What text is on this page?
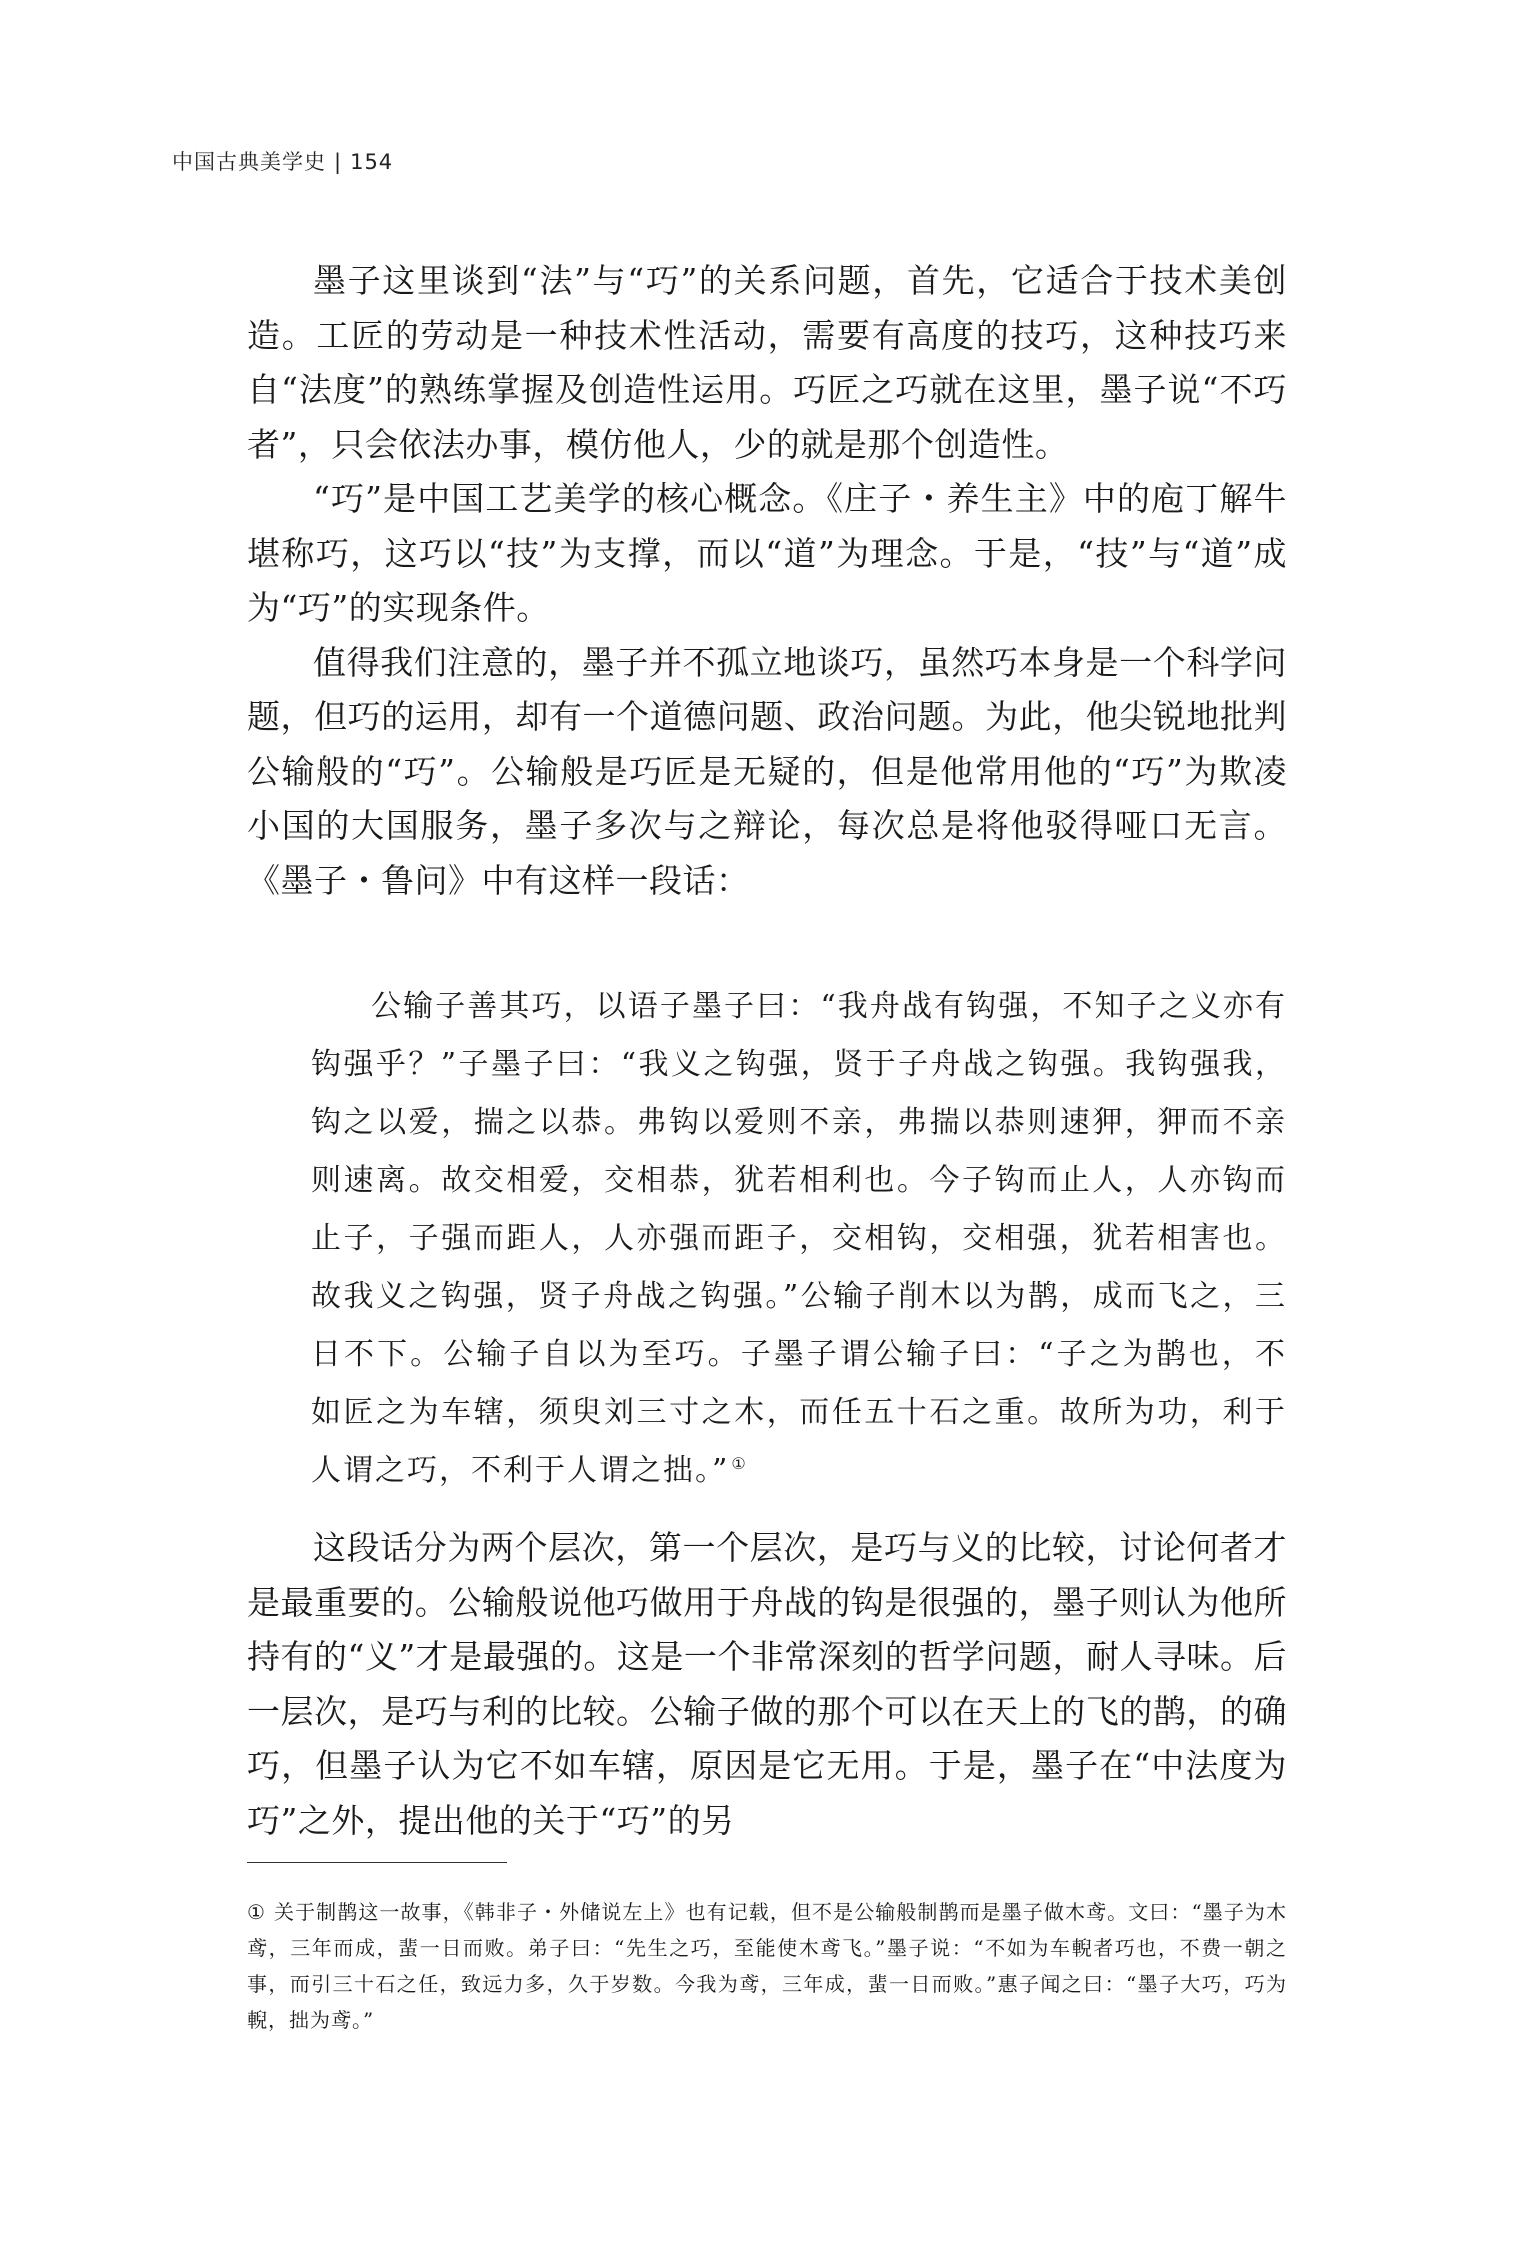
中国古典美学史 | 154

墨子这里谈到“法”与“巧”的关系问题，首先，它适合于技术美创造。工匠的劳动是一种技术性活动，需要有高度的技巧，这种技巧来自“法度”的熟练掌握及创造性运用。巧匠之巧就在这里，墨子说“不巧者”，只会依法办事，模仿他人，少的就是那个创造性。

“巧”是中国工艺美学的核心概念。《庄子・养生主》中的庖丁解牛堪称巧，这巧以“技”为支撑，而以“道”为理念。于是，“技”与“道”成为“巧”的实现条件。

值得我们注意的，墨子并不孤立地谈巧，虽然巧本身是一个科学问题，但巧的运用，却有一个道德问题、政治问题。为此，他尖锐地批判公输般的“巧”。公输般是巧匠是无疑的，但是他常用他的“巧”为欺凌小国的大国服务，墨子多次与之辩论，每次总是将他驳得哑口无言。《墨子・鲁问》中有这样一段话：

公输子善其巧，以语子墨子曰：“我舟战有钩强，不知子之义亦有钩强乎？”子墨子曰：“我义之钩强，贤于子舟战之钩强。我钩强我，钩之以爱，揣之以恭。弗钩以爱则不亲，弗揣以恭则速狎，狎而不亲则速离。故交相爱，交相恭，犹若相利也。今子钩而止人，人亦钩而止子，子强而距人，人亦强而距子，交相钩，交相强，犹若相害也。故我义之钩强，贤子舟战之钩强。”公输子削木以为鹊，成而飞之，三日不下。公输子自以为至巧。子墨子谓公输子曰：“子之为鹊也，不如匠之为车辖，须臾刘三寸之木，而任五十石之重。故所为功，利于人谓之巧，不利于人谓之拙。” ①

这段话分为两个层次，第一个层次，是巧与义的比较，讨论何者才是最重要的。公输般说他巧做用于舟战的钩是很强的，墨子则认为他所持有的“义”才是最强的。这是一个非常深刻的哲学问题，耐人寻味。后一层次，是巧与利的比较。公输子做的那个可以在天上的飞的鹊，的确巧，但墨子认为它不如车辖，原因是它无用。于是，墨子在“中法度为巧”之外，提出他的关于“巧”的另

① 关于制鹊这一故事，《韩非子・外储说左上》也有记载，但不是公输般制鹊而是墨子做木鸢。文曰：“墨子为木鸢，三年而成，蜚一日而败。弟子曰：“先生之巧，至能使木鸢飞。”墨子说：“不如为车輗者巧也，不费一朝之事，而引三十石之任，致远力多，久于岁数。今我为鸢，三年成，蜚一日而败。”惠子闻之曰：“墨子大巧，巧为輗，拙为鸢。”
